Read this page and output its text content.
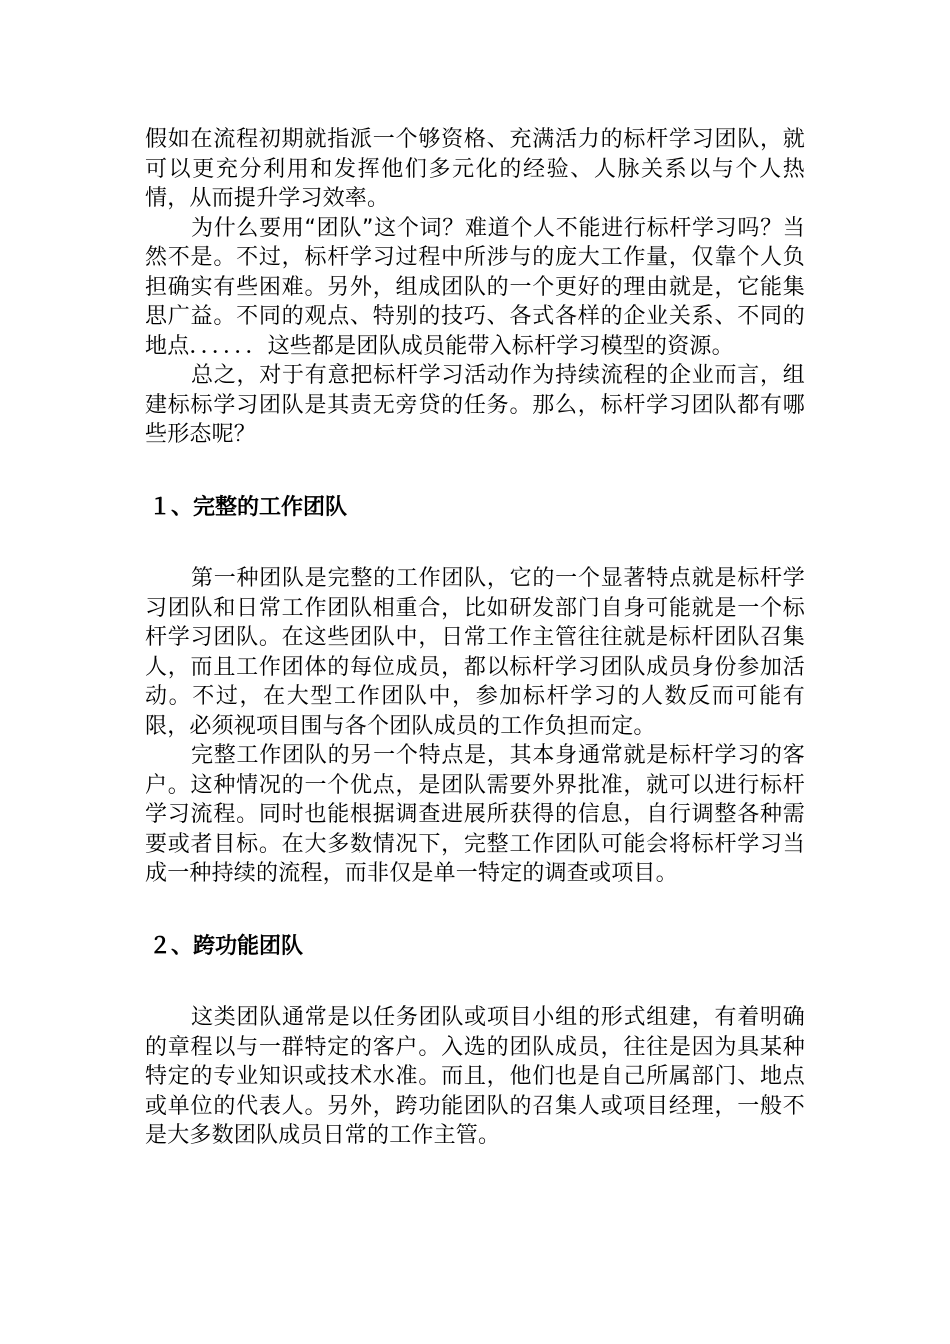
假如在流程初期就指派一个够资格、充满活力的标杆学习团队，就可以更充分利用和发挥他们多元化的经验、人脉关系以与个人热情，从而提升学习效率。

为什么要用“团队”这个词？难道个人不能进行标杆学习吗？当然不是。不过，标杆学习过程中所涉与的庞大工作量，仅靠个人负担确实有些困难。另外，组成团队的一个更好的理由就是，它能集思广益。不同的观点、特别的技巧、各式各样的企业关系、不同的地点．．．．．．这些都是团队成员能带入标杆学习模型的资源。

总之，对于有意把标杆学习活动作为持续流程的企业而言，组建标标学习团队是其责无旁贷的任务。那么，标杆学习团队都有哪些形态呢？

１、完整的工作团队

第一种团队是完整的工作团队，它的一个显著特点就是标杆学习团队和日常工作团队相重合，比如研发部门自身可能就是一个标杆学习团队。在这些团队中，日常工作主管往往就是标杆团队召集人，而且工作团体的每位成员，都以标杆学习团队成员身份参加活动。不过，在大型工作团队中，参加标杆学习的人数反而可能有限，必须视项目围与各个团队成员的工作负担而定。

完整工作团队的另一个特点是，其本身通常就是标杆学习的客户。这种情况的一个优点，是团队需要外界批准，就可以进行标杆学习流程。同时也能根据调查进展所获得的信息，自行调整各种需要或者目标。在大多数情况下，完整工作团队可能会将标杆学习当成一种持续的流程，而非仅是单一特定的调查或项目。

２、跨功能团队

这类团队通常是以任务团队或项目小组的形式组建，有着明确的章程以与一群特定的客户。入选的团队成员，往往是因为具某种特定的专业知识或技术水准。而且，他们也是自己所属部门、地点或单位的代表人。另外，跨功能团队的召集人或项目经理，一般不是大多数团队成员日常的工作主管。
